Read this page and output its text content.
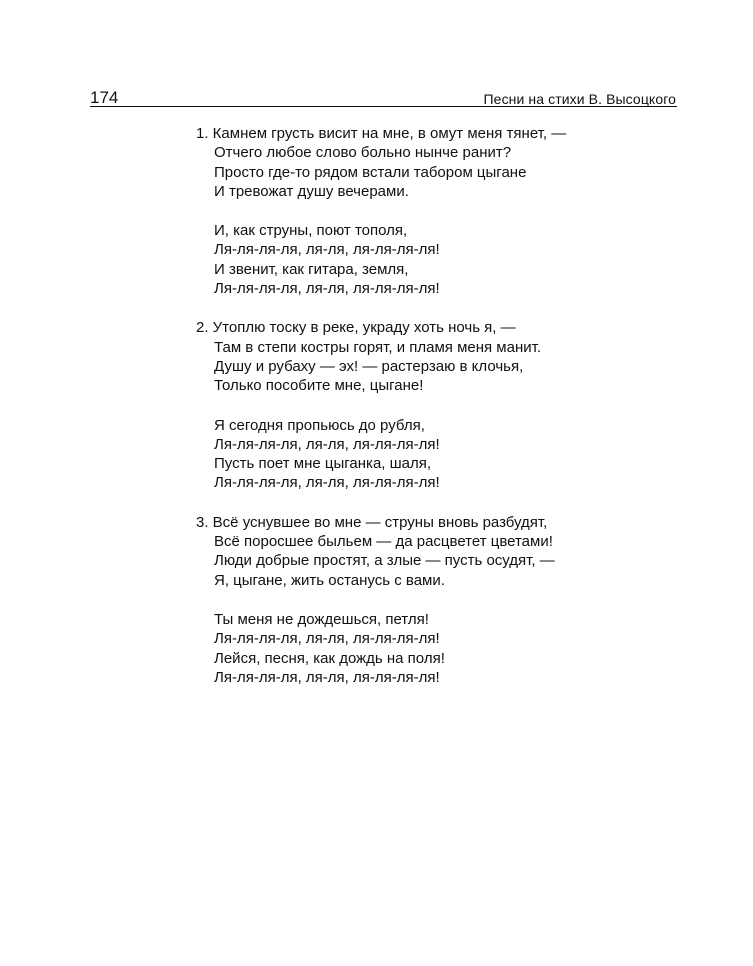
174	Песни на стихи В. Высоцкого
1. Камнем грусть висит на мне, в омут меня тянет, —
Отчего любое слово больно нынче ранит?
Просто где-то рядом встали табором цыгане
И тревожат душу вечерами.
И, как струны, поют тополя,
Ля-ля-ля-ля, ля-ля, ля-ля-ля-ля!
И звенит, как гитара, земля,
Ля-ля-ля-ля, ля-ля, ля-ля-ля-ля!
2. Утоплю тоску в реке, украду хоть ночь я, —
Там в степи костры горят, и пламя меня манит.
Душу и рубаху — эх! — растерзаю в клочья,
Только пособите мне, цыгане!
Я сегодня пропьюсь до рубля,
Ля-ля-ля-ля, ля-ля, ля-ля-ля-ля!
Пусть поет мне цыганка, шаля,
Ля-ля-ля-ля, ля-ля, ля-ля-ля-ля!
3. Всё уснувшее во мне — струны вновь разбудят,
Всё поросшее быльем — да расцветет цветами!
Люди добрые простят, а злые — пусть осудят, —
Я, цыгане, жить останусь с вами.
Ты меня не дождешься, петля!
Ля-ля-ля-ля, ля-ля, ля-ля-ля-ля!
Лейся, песня, как дождь на поля!
Ля-ля-ля-ля, ля-ля, ля-ля-ля-ля!
